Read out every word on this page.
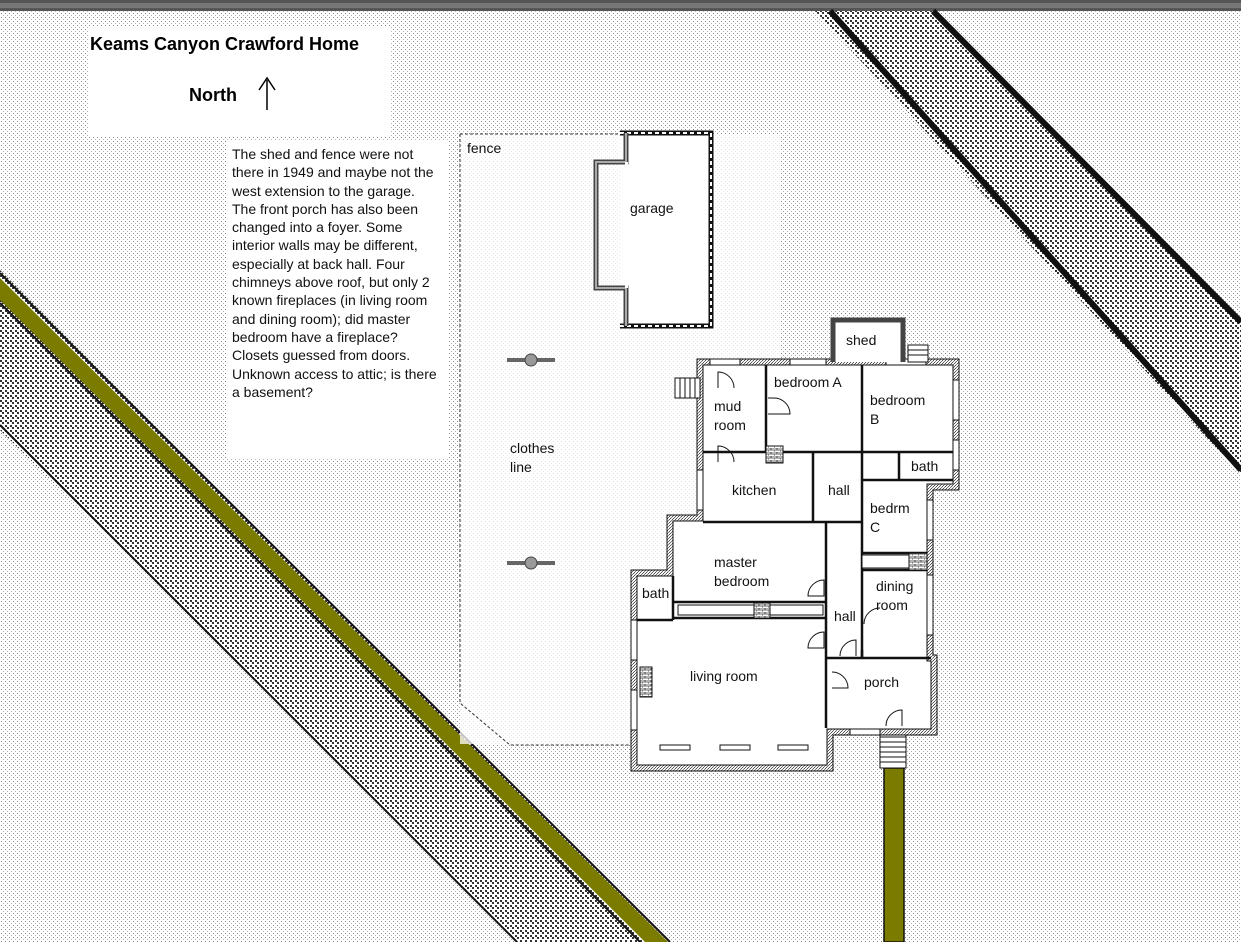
Keams Canyon Crawford Home
North
The shed and fence were not there in 1949 and maybe not the west extension to the garage. The front porch has also been changed into a foyer. Some interior walls may be different, especially at back hall. Four chimneys above roof, but only 2 known fireplaces (in living room and dining room); did master bedroom have a fireplace? Closets guessed from doors. Unknown access to attic; is there a basement?
fence
garage
shed
bedroom A
bedroom
B
mud
room
bath
kitchen	hall
bedrm
C
clothes
line
master
bedroom
bath
hall
dining
room
living room	porch
